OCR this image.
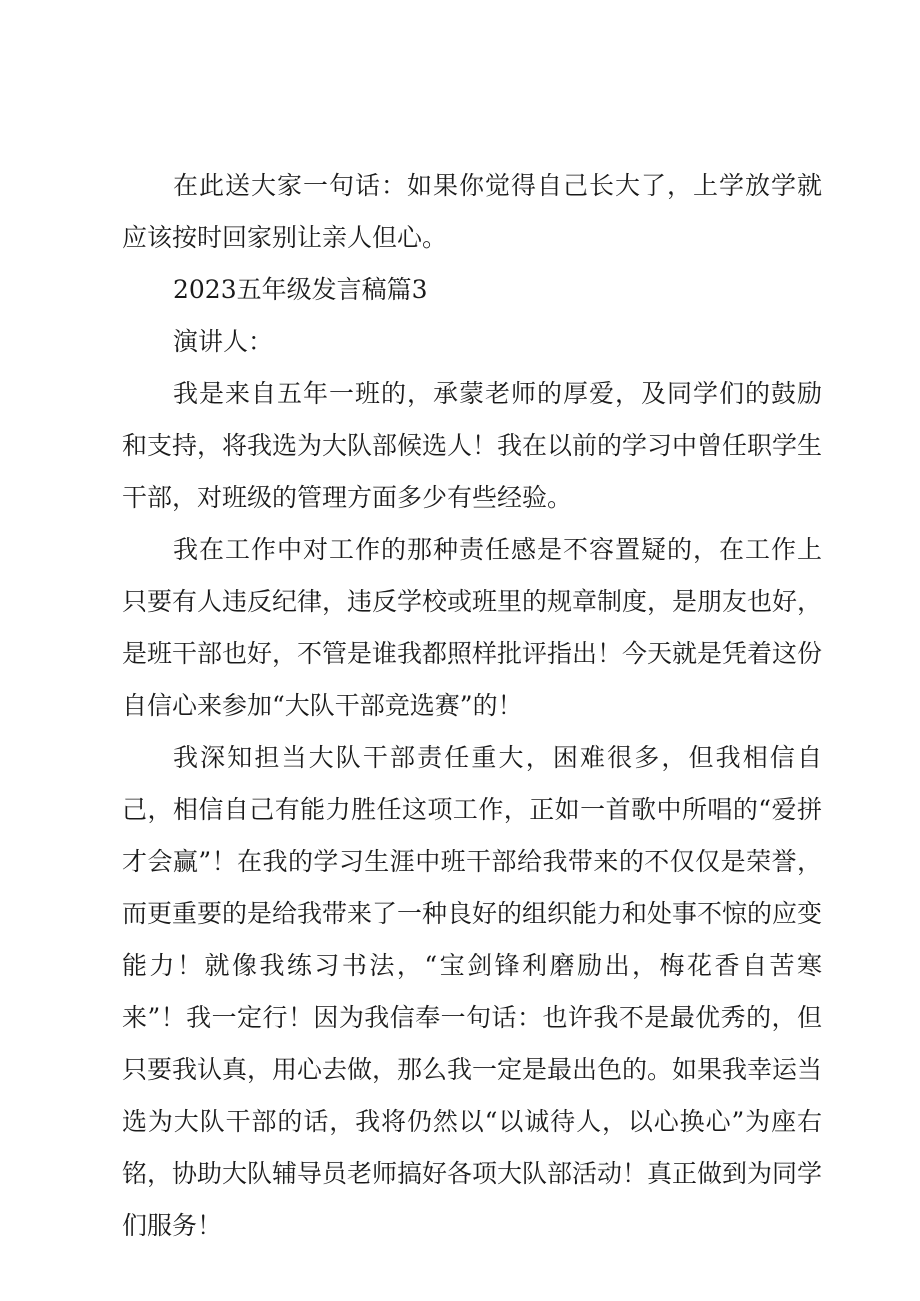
在此送大家一句话：如果你觉得自己长大了，上学放学就应该按时回家别让亲人但心。

2023五年级发言稿篇3

演讲人：

我是来自五年一班的，承蒙老师的厚爱，及同学们的鼓励和支持，将我选为大队部候选人！我在以前的学习中曾任职学生干部，对班级的管理方面多少有些经验。

我在工作中对工作的那种责任感是不容置疑的，在工作上只要有人违反纪律，违反学校或班里的规章制度，是朋友也好，是班干部也好，不管是谁我都照样批评指出！今天就是凭着这份自信心来参加“大队干部竞选赛”的！

我深知担当大队干部责任重大，困难很多，但我相信自己，相信自己有能力胜任这项工作，正如一首歌中所唱的“爱拼才会赢”！在我的学习生涯中班干部给我带来的不仅仅是荣誉，而更重要的是给我带来了一种良好的组织能力和处事不惊的应变能力！就像我练习书法，“宝剑锋利磨励出，梅花香自苦寒来”！我一定行！因为我信奉一句话：也许我不是最优秀的，但只要我认真，用心去做，那么我一定是最出色的。如果我幸运当选为大队干部的话，我将仍然以“以诚待人，以心换心”为座右铭，协助大队辅导员老师搞好各项大队部活动！真正做到为同学们服务！
